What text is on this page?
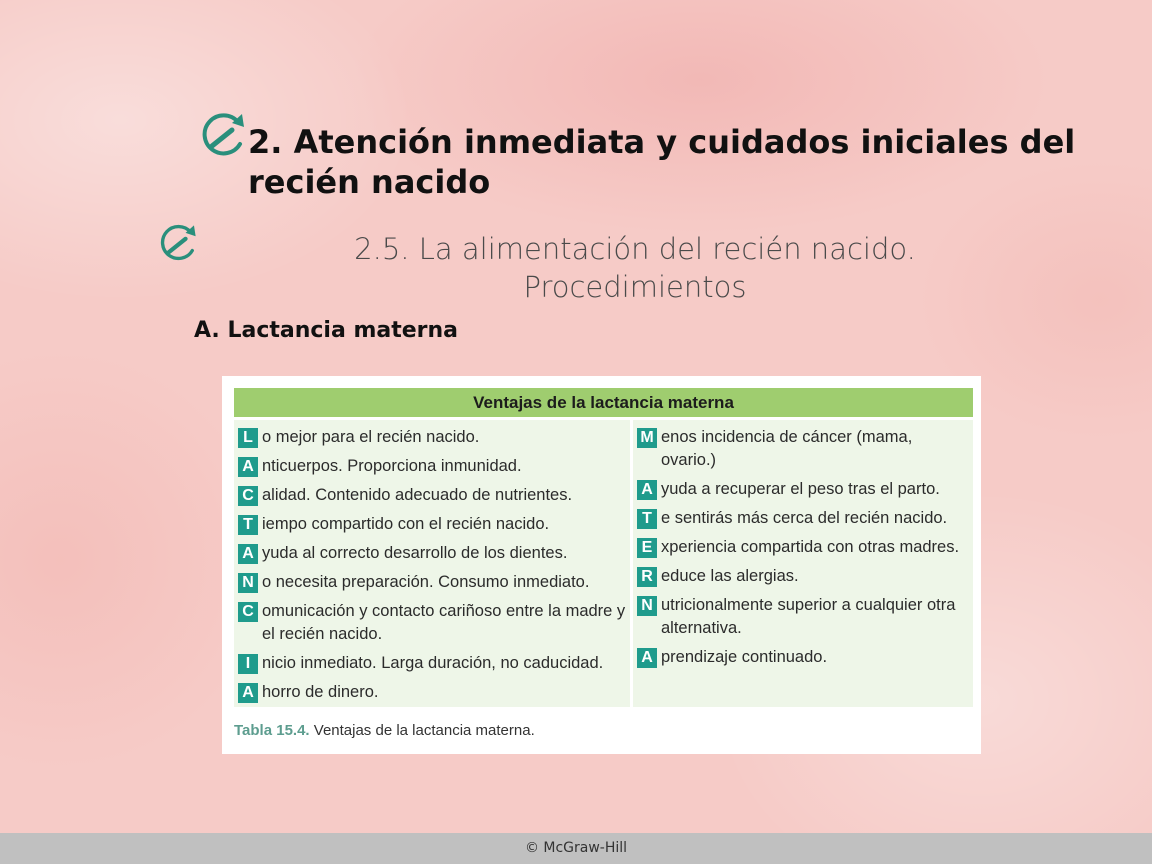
2. Atención inmediata y cuidados iniciales del recién nacido
2.5. La alimentación del recién nacido. Procedimientos
A. Lactancia materna
Ventajas de la lactancia materna
L o mejor para el recién nacido.
A nticuerpos. Proporciona inmunidad.
C alidad. Contenido adecuado de nutrientes.
T iempo compartido con el recién nacido.
A yuda al correcto desarrollo de los dientes.
N o necesita preparación. Consumo inmediato.
C omunicación y contacto cariñoso entre la madre y el recién nacido.
I nicio inmediato. Larga duración, no caducidad.
A horro de dinero.
M enos incidencia de cáncer (mama, ovario.)
A yuda a recuperar el peso tras el parto.
T e sentirás más cerca del recién nacido.
E xperiencia compartida con otras madres.
R educe las alergias.
N utricionalmente superior a cualquier otra alternativa.
A prendizaje continuado.
Tabla 15.4. Ventajas de la lactancia materna.
© McGraw-Hill
